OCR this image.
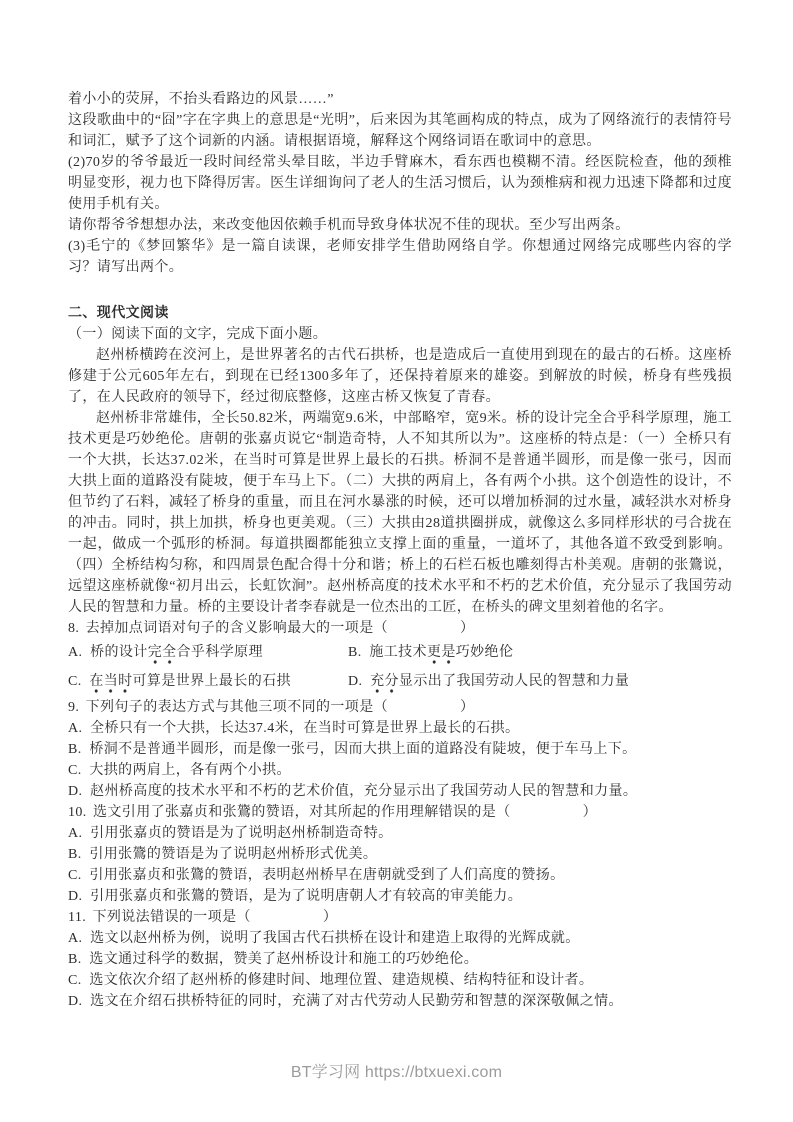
着小小的荧屏，不抬头看路边的风景……”

这段歌曲中的“囧”字在字典上的意思是“光明”，后来因为其笔画构成的特点，成为了网络流行的表情符号和词汇，赋予了这个词新的内涵。请根据语境，解释这个网络词语在歌词中的意思。

(2)70岁的爷爷最近一段时间经常头晕目眩，半边手臂麻木，看东西也模糊不清。经医院检查，他的颈椎明显变形，视力也下降得厉害。医生详细询问了老人的生活习惯后，认为颈椎病和视力迅速下降都和过度使用手机有关。

请你帮爷爷想想办法，来改变他因依赖手机而导致身体状况不佳的现状。至少写出两条。

(3)毛宁的《梦回繁华》是一篇自读课，老师安排学生借助网络自学。你想通过网络完成哪些内容的学习？请写出两个。

二、现代文阅读

（一）阅读下面的文字，完成下面小题。

赵州桥横跨在洨河上，是世界著名的古代石拱桥，也是造成后一直使用到现在的最古的石桥。这座桥修建于公元605年左右，到现在已经1300多年了，还保持着原来的雄姿。到解放的时候，桥身有些残损了，在人民政府的领导下，经过彻底整修，这座古桥又恢复了青春。

赵州桥非常雄伟，全长50.82米，两端宽9.6米，中部略窄，宽9米。桥的设计完全合乎科学原理，施工技术更是巧妙绝伦。唐朝的张嘉贞说它“制造奇特，人不知其所以为”。这座桥的特点是：（一）全桥只有一个大拱，长达37.02米，在当时可算是世界上最长的石拱。桥洞不是普通半圆形，而是像一张弓，因而大拱上面的道路没有陡坡，便于车马上下。（二）大拱的两肩上，各有两个小拱。这个创造性的设计，不但节约了石料，减轻了桥身的重量，而且在河水暴涨的时候，还可以增加桥洞的过水量，减轻洪水对桥身的冲击。同时，拱上加拱，桥身也更美观。（三）大拱由28道拱圈拼成，就像这么多同样形状的弓合拢在一起，做成一个弧形的桥洞。每道拱圈都能独立支撑上面的重量，一道坏了，其他各道不致受到影响。（四）全桥结构匀称，和四周景色配合得十分和谐；桥上的石栏石板也雕刻得古朴美观。唐朝的张鷟说，远望这座桥就像“初月出云，长虹饮涧”。赵州桥高度的技术水平和不朽的艺术价值，充分显示了我国劳动人民的智慧和力量。桥的主要设计者李春就是一位杰出的工匠，在桥头的碑文里刻着他的名字。

8. 去掉加点词语对句子的含义影响最大的一项是（　　　　　）

A. 桥的设计完全合乎科学原理	B. 施工技术更是巧妙绝伦
C. 在当时可算是世界上最长的石拱	D. 充分显示出了我国劳动人民的智慧和力量

9. 下列句子的表达方式与其他三项不同的一项是（　　　　　）

A. 全桥只有一个大拱，长达37.4米，在当时可算是世界上最长的石拱。

B. 桥洞不是普通半圆形，而是像一张弓，因而大拱上面的道路没有陡坡，便于车马上下。

C. 大拱的两肩上，各有两个小拱。

D. 赵州桥高度的技术水平和不朽的艺术价值，充分显示出了我国劳动人民的智慧和力量。

10. 选文引用了张嘉贞和张鷟的赞语，对其所起的作用理解错误的是（　　　　　）

A. 引用张嘉贞的赞语是为了说明赵州桥制造奇特。

B. 引用张鷟的赞语是为了说明赵州桥形式优美。

C. 引用张嘉贞和张鷟的赞语，表明赵州桥早在唐朝就受到了人们高度的赞扬。

D. 引用张嘉贞和张鷟的赞语，是为了说明唐朝人才有较高的审美能力。

11. 下列说法错误的一项是（　　　　　）

A. 选文以赵州桥为例，说明了我国古代石拱桥在设计和建造上取得的光辉成就。

B. 选文通过科学的数据，赞美了赵州桥设计和施工的巧妙绝伦。

C. 选文依次介绍了赵州桥的修建时间、地理位置、建造规模、结构特征和设计者。

D. 选文在介绍石拱桥特征的同时，充满了对古代劳动人民勤劳和智慧的深深敬佩之情。

BT学习网 https://btxuexi.com
